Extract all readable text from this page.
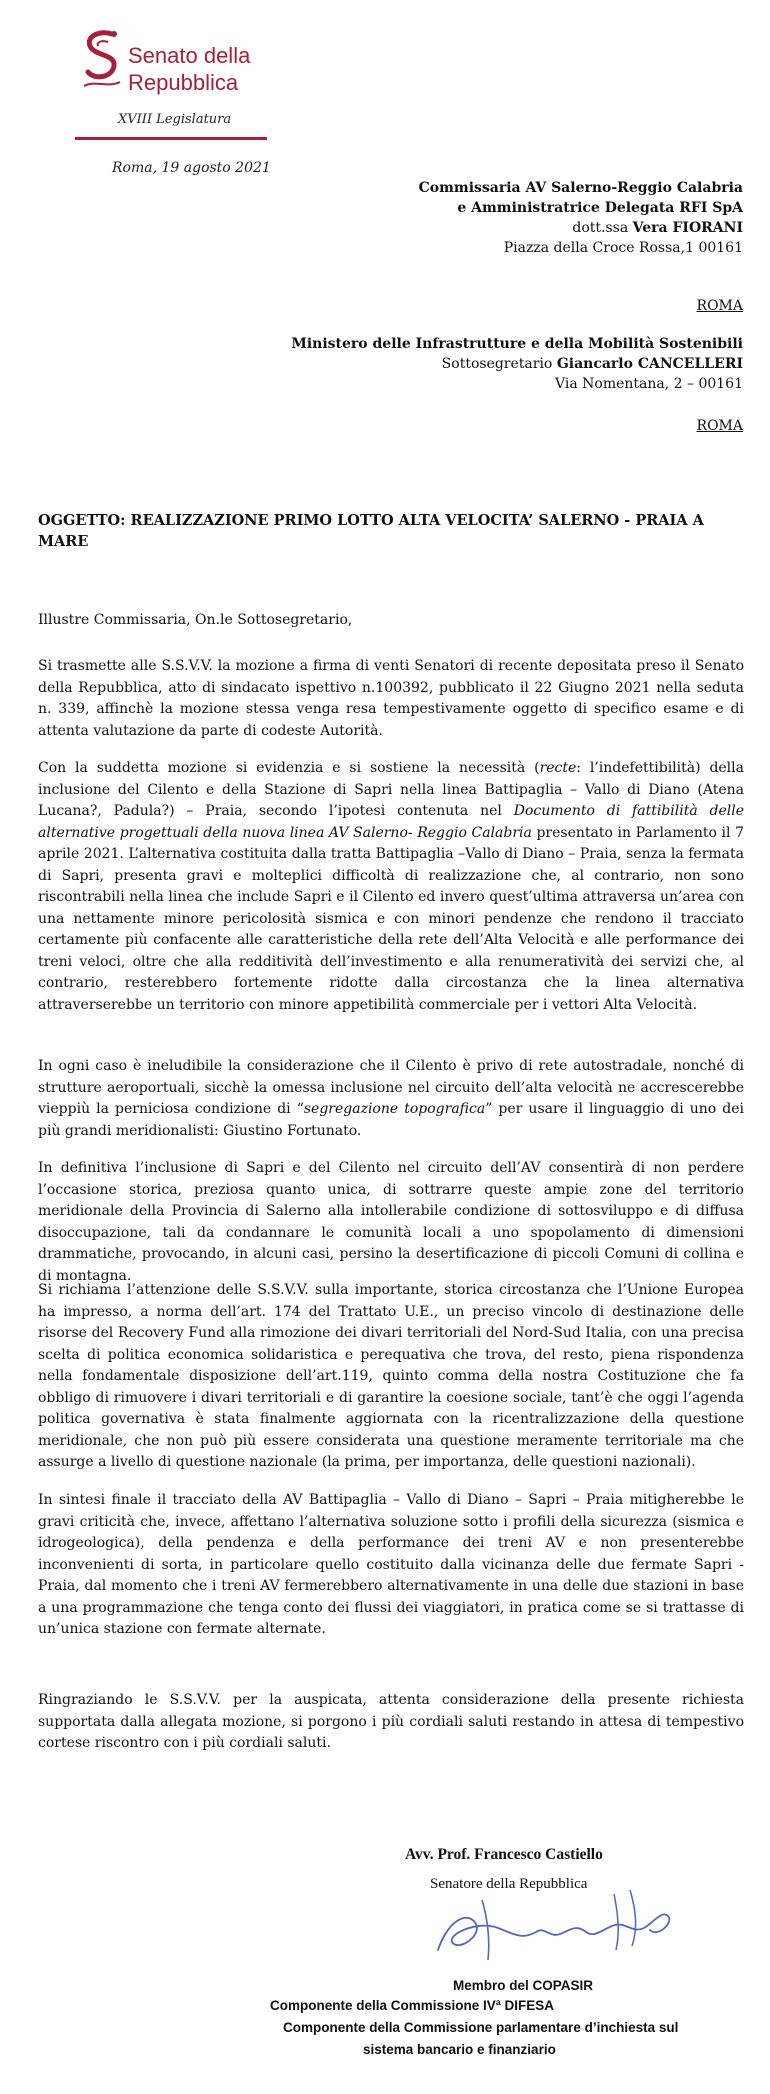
Senato della
Repubblica
XVIII Legislatura
Roma, 19 agosto 2021
Commissaria AV Salerno-Reggio Calabria
e Amministratrice Delegata RFI SpA
dott.ssa Vera FIORANI
Piazza della Croce Rossa,1 00161
ROMA
Ministero delle Infrastrutture e della Mobilità Sostenibili
Sottosegretario Giancarlo CANCELLERI
Via Nomentana, 2 – 00161
ROMA
OGGETTO: REALIZZAZIONE PRIMO LOTTO ALTA VELOCITA’ SALERNO - PRAIA A MARE
Illustre Commissaria, On.le Sottosegretario,
Si trasmette alle S.S.V.V. la mozione a firma di venti Senatori di recente depositata preso il Senato della Repubblica, atto di sindacato ispettivo n.100392, pubblicato il 22 Giugno 2021 nella seduta n. 339, affinchè la mozione stessa venga resa tempestivamente oggetto di specifico esame e di attenta valutazione da parte di codeste Autorità.
Con la suddetta mozione si evidenzia e si sostiene la necessità (recte: l’indefettibilità) della inclusione del Cilento e della Stazione di Sapri nella linea Battipaglia – Vallo di Diano (Atena Lucana?, Padula?) – Praia, secondo l’ipotesi contenuta nel Documento di fattibilità delle alternative progettuali della nuova linea AV Salerno- Reggio Calabria presentato in Parlamento il 7 aprile 2021. L’alternativa costituita dalla tratta Battipaglia –Vallo di Diano – Praia, senza la fermata di Sapri, presenta gravi e molteplici difficoltà di realizzazione che, al contrario, non sono riscontrabili nella linea che include Sapri e il Cilento ed invero quest’ultima attraversa un’area con una nettamente minore pericolosità sismica e con minori pendenze che rendono il tracciato certamente più confacente alle caratteristiche della rete dell’Alta Velocità e alle performance dei treni veloci, oltre che alla redditività dell’investimento e alla renumeratività dei servizi che, al contrario, resterebbero fortemente ridotte dalla circostanza che la linea alternativa attraverserebbe un territorio con minore appetibilità commerciale per i vettori Alta Velocità.
In ogni caso è ineludibile la considerazione che il Cilento è privo di rete autostradale, nonché di strutture aeroportuali, sicchè la omessa inclusione nel circuito dell’alta velocità ne accrescerebbe vieppiù la perniciosa condizione di “segregazione topografica” per usare il linguaggio di uno dei più grandi meridionalisti: Giustino Fortunato.
In definitiva l’inclusione di Sapri e del Cilento nel circuito dell’AV consentirà di non perdere l’occasione storica, preziosa quanto unica, di sottrarre queste ampie zone del territorio meridionale della Provincia di Salerno alla intollerabile condizione di sottosviluppo e di diffusa disoccupazione, tali da condannare le comunità locali a uno spopolamento di dimensioni drammatiche, provocando, in alcuni casi, persino la desertificazione di piccoli Comuni di collina e di montagna.
Si richiama l’attenzione delle S.S.V.V. sulla importante, storica circostanza che l’Unione Europea ha impresso, a norma dell’art. 174 del Trattato U.E., un preciso vincolo di destinazione delle risorse del Recovery Fund alla rimozione dei divari territoriali del Nord-Sud Italia, con una precisa scelta di politica economica solidaristica e perequativa che trova, del resto, piena rispondenza nella fondamentale disposizione dell’art.119, quinto comma della nostra Costituzione che fa obbligo di rimuovere i divari territoriali e di garantire la coesione sociale, tant’è che oggi l’agenda politica governativa è stata finalmente aggiornata con la ricentralizzazione della questione meridionale, che non può più essere considerata una questione meramente territoriale ma che assurge a livello di questione nazionale (la prima, per importanza, delle questioni nazionali).
In sintesi finale il tracciato della AV Battipaglia – Vallo di Diano – Sapri – Praia mitigherebbe le gravi criticità che, invece, affettano l’alternativa soluzione sotto i profili della sicurezza (sismica e idrogeologica), della pendenza e della performance dei treni AV e non presenterebbe inconvenienti di sorta, in particolare quello costituito dalla vicinanza delle due fermate Sapri - Praia, dal momento che i treni AV fermerebbero alternativamente in una delle due stazioni in base a una programmazione che tenga conto dei flussi dei viaggiatori, in pratica come se si trattasse di un’unica stazione con fermate alternate.
Ringraziando le S.S.V.V. per la auspicata, attenta considerazione della presente richiesta supportata dalla allegata mozione, si porgono i più cordiali saluti restando in attesa di tempestivo cortese riscontro con i più cordiali saluti.
Avv. Prof. Francesco Castiello
Senatore della Repubblica
Membro del COPASIR
Componente della Commissione IVª DIFESA
Componente della Commissione parlamentare d’inchiesta sul
sistema bancario e finanziario
